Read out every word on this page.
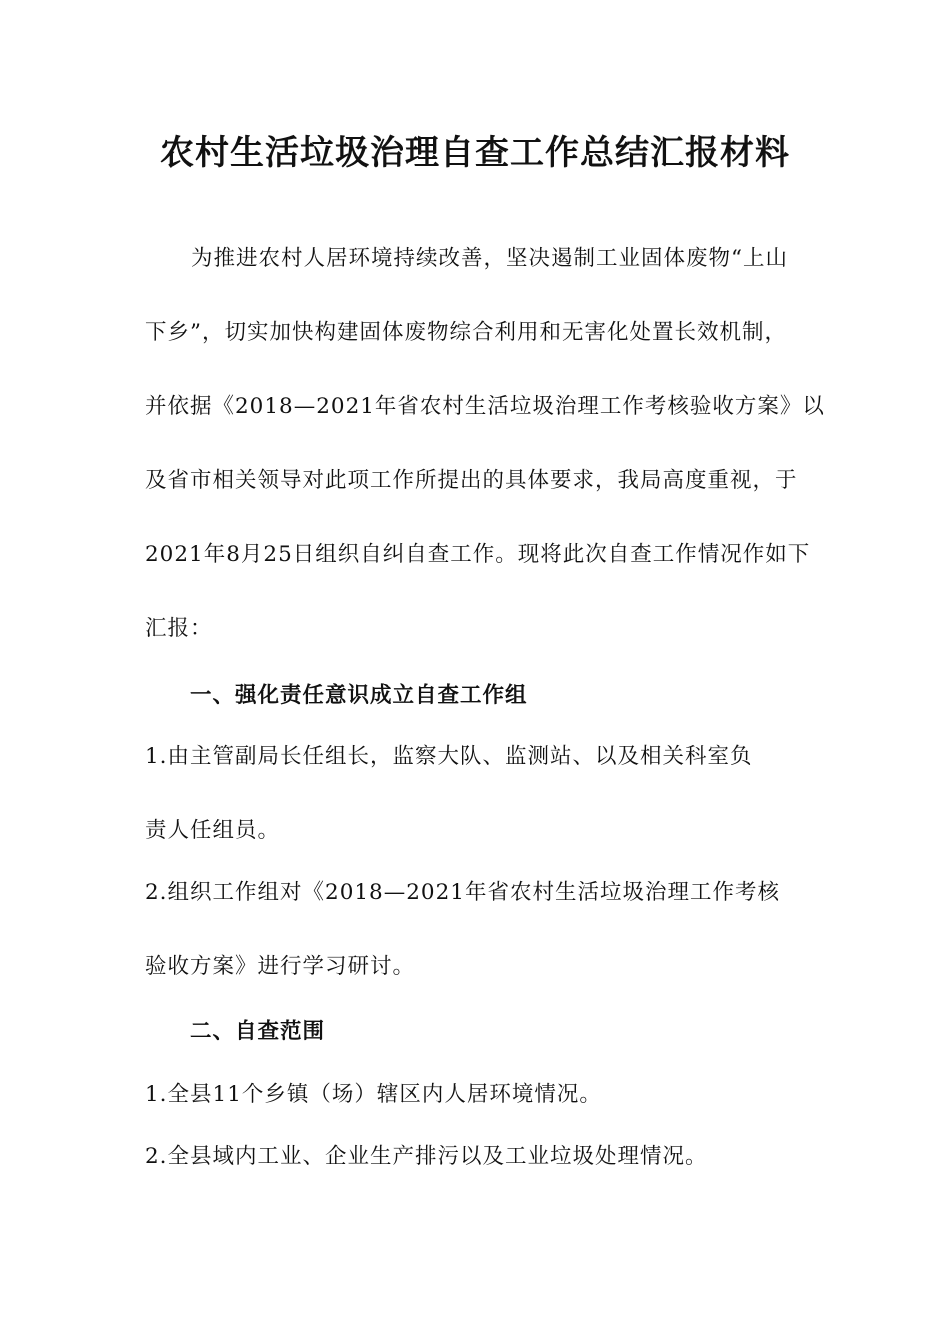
农村生活垃圾治理自查工作总结汇报材料
为推进农村人居环境持续改善，坚决遏制工业固体废物“上山
下乡”，切实加快构建固体废物综合利用和无害化处置长效机制，
并依据《2018—2021年省农村生活垃圾治理工作考核验收方案》以
及省市相关领导对此项工作所提出的具体要求，我局高度重视，于
2021年8月25日组织自纠自查工作。现将此次自查工作情况作如下
汇报：
一、强化责任意识成立自查工作组
1.由主管副局长任组长，监察大队、监测站、以及相关科室负
责人任组员。
2.组织工作组对《2018—2021年省农村生活垃圾治理工作考核
验收方案》进行学习研讨。
二、自查范围
1.全县11个乡镇（场）辖区内人居环境情况。
2.全县域内工业、企业生产排污以及工业垃圾处理情况。
